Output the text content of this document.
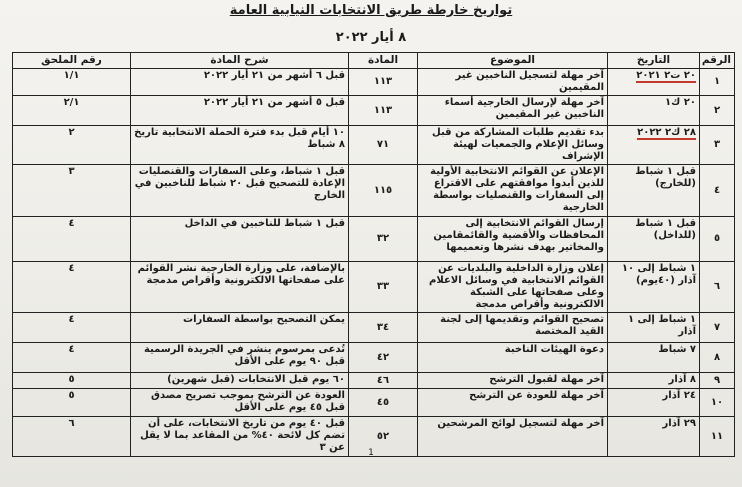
تواريخ خارطة طريق الانتخابات النيابية العامة
٨ أيار ٢٠٢٢
الرقم	التاريخ	الموضوع	المادة	شرح المادة	رقم الملحق
١	٢٠ ت٢ ٢٠٢١	آخر مهلة لتسجيل الناخبين غير المقيمين	١١٣	قبل ٦ أشهر من ٢١ أيار ٢٠٢٢	١/١
٢	٢٠ ك١	آخر مهلة لإرسال الخارجية أسماء الناخبين غير المقيمين	١١٣	قبل ٥ أشهر من ٢١ أيار ٢٠٢٢	٢/١
٣	٢٨ ك٢ ٢٠٢٢	بدء تقديم طلبات المشاركة من قبل وسائل الإعلام والجمعيات لهيئة الإشراف	٧١	١٠ أيام قبل بدء فترة الحملة الانتخابية تاريخ ٨ شباط	٢
٤	قبل ١ شباط (للخارج)	الإعلان عن القوائم الانتخابية الأولية للذين أبدوا موافقتهم على الاقتراع إلى السفارات والقنصليات بواسطة الخارجية	١١٥	قبل ١ شباط، وعلى السفارات والقنصليات الإعادة للتصحيح قبل ٢٠ شباط للناخبين في الخارج	٣
٥	قبل ١ شباط (للداخل)	إرسال القوائم الانتخابية إلى المحافظات والأقضية والقائمقامين والمخاتير بهدف نشرها وتعميمها	٣٢	قبل ١ شباط للناخبين في الداخل	٤
٦	١ شباط إلى ١٠ آذار (٤٠يوم)	إعلان وزارة الداخلية والبلديات عن القوائم الانتخابية في وسائل الاعلام وعلى صفحاتها على الشبكة الالكترونية وأقراص مدمجة	٣٣	بالإضافة، على وزارة الخارجية نشر القوائم على صفحاتها الالكترونية وأقراص مدمجة	٤
٧	١ شباط إلى ١ آذار	تصحيح القوائم وتقديمها إلى لجنة القيد المختصة	٣٤	يمكن التصحيح بواسطة السفارات	٤
٨	٧ شباط	دعوة الهيئات الناخبة	٤٢	تُدعى بمرسوم ينشر في الجريدة الرسمية قبل ٩٠ يوم على الأقل	٤
٩	٨ آذار	آخر مهلة لقبول الترشح	٤٦	٦٠ يوم قبل الانتخابات (قبل شهرين)	٥
١٠	٢٤ آذار	آخر مهلة للعودة عن الترشح	٤٥	العودة عن الترشح بموجب تصريح مصدق قبل ٤٥ يوم على الأقل	٥
١١	٢٩ آذار	آخر مهلة لتسجيل لوائح المرشحين	٥٢	قبل ٤٠ يوم من تاريخ الانتخابات، على أن تضم كل لائحة ٤٠% من المقاعد بما لا يقل عن ٣	٦
1
